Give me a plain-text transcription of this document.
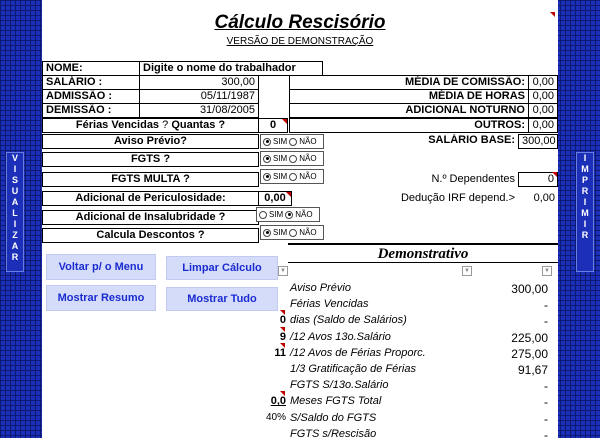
V
I
S
U
A
L
I
Z
A
R
I
M
P
R
I
M
I
R
Cálculo Rescisório
VERSÃO DE DEMONSTRAÇÃO
NOME:	Digite o nome do trabalhador
SALÁRIO :	300,00	MÉDIA DE COMISSÃO: 0,00
ADMISSÃO :	05/11/1987	MÉDIA DE HORAS 0,00
DEMISSÃO :	31/08/2005	ADICIONAL NOTURNO 0,00
Férias Vencidas ? Quantas ?	0	OUTROS: 0,00
Aviso Prévio?	SIM NÃO	SALÁRIO BASE: 300,00
FGTS ?	SIM NÃO
FGTS MULTA ?	SIM NÃO	N.º Dependentes	0
Adicional de Periculosidade:	0,00	Dedução IRF depend.>	0,00
Adicional de Insalubridade ?	SIM NÃO
Calcula Descontos ?	SIM NÃO
Demonstrativo
Voltar p/ o Menu	Limpar Cálculo
Mostrar Resumo	Mostrar Tudo
▼	▼	▼
Aviso Prévio	300,00
Férias Vencidas	-
0 dias (Saldo de Salários)	-
9 /12 Avos 13o.Salário	225,00
11 /12 Avos de Férias Proporc.	275,00
1/3 Gratificação de Férias	91,67
FGTS S/13o.Salário	-
0,0 Meses FGTS Total	-
40% S/Saldo do FGTS	-
FGTS s/Rescisão	-
